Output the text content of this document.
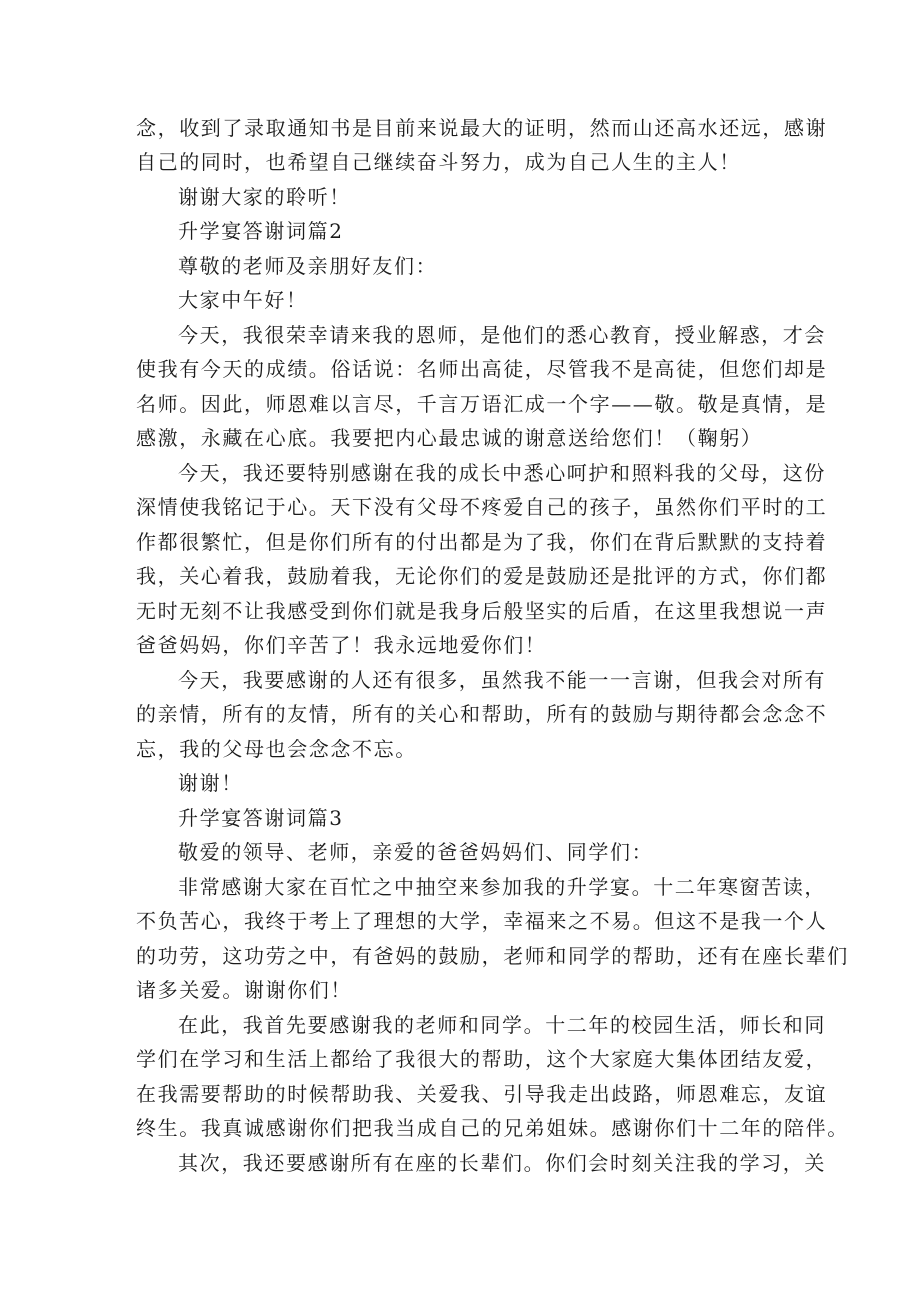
念，收到了录取通知书是目前来说最大的证明，然而山还高水还远，感谢
自己的同时，也希望自己继续奋斗努力，成为自己人生的主人！
谢谢大家的聆听！
升学宴答谢词篇2
尊敬的老师及亲朋好友们：
大家中午好！
今天，我很荣幸请来我的恩师，是他们的悉心教育，授业解惑，才会
使我有今天的成绩。俗话说：名师出高徒，尽管我不是高徒，但您们却是
名师。因此，师恩难以言尽，千言万语汇成一个字——敬。敬是真情，是
感激，永藏在心底。我要把内心最忠诚的谢意送给您们！（鞠躬）
今天，我还要特别感谢在我的成长中悉心呵护和照料我的父母，这份
深情使我铭记于心。天下没有父母不疼爱自己的孩子，虽然你们平时的工
作都很繁忙，但是你们所有的付出都是为了我，你们在背后默默的支持着
我，关心着我，鼓励着我，无论你们的爱是鼓励还是批评的方式，你们都
无时无刻不让我感受到你们就是我身后般坚实的后盾，在这里我想说一声
爸爸妈妈，你们辛苦了！我永远地爱你们！
今天，我要感谢的人还有很多，虽然我不能一一言谢，但我会对所有
的亲情，所有的友情，所有的关心和帮助，所有的鼓励与期待都会念念不
忘，我的父母也会念念不忘。
谢谢！
升学宴答谢词篇3
敬爱的领导、老师，亲爱的爸爸妈妈们、同学们：
非常感谢大家在百忙之中抽空来参加我的升学宴。十二年寒窗苦读，
不负苦心，我终于考上了理想的大学，幸福来之不易。但这不是我一个人
的功劳，这功劳之中，有爸妈的鼓励，老师和同学的帮助，还有在座长辈们
诸多关爱。谢谢你们！
在此，我首先要感谢我的老师和同学。十二年的校园生活，师长和同
学们在学习和生活上都给了我很大的帮助，这个大家庭大集体团结友爱，
在我需要帮助的时候帮助我、关爱我、引导我走出歧路，师恩难忘，友谊
终生。我真诚感谢你们把我当成自己的兄弟姐妹。感谢你们十二年的陪伴。
其次，我还要感谢所有在座的长辈们。你们会时刻关注我的学习，关
